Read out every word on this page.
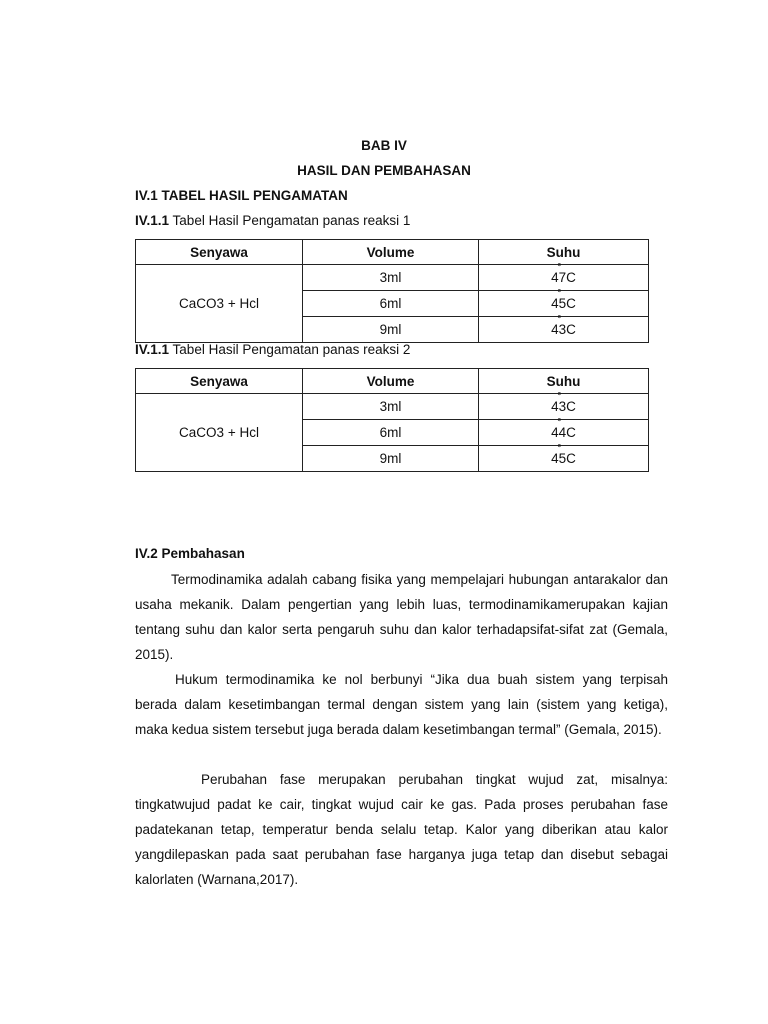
BAB IV
HASIL DAN PEMBAHASAN
IV.1 TABEL HASIL PENGAMATAN
IV.1.1 Tabel Hasil Pengamatan panas reaksi 1
Senyawa	Volume	Suhu
CaCO3 + Hcl	3ml	47C °
	6ml	45C °
	9ml	43C °
IV.1.1 Tabel Hasil Pengamatan panas reaksi 2
Senyawa	Volume	Suhu
CaCO3 + Hcl	3ml	43C °
	6ml	44C °
	9ml	45C °
IV.2 Pembahasan

Termodinamika adalah cabang fisika yang mempelajari hubungan antarakalor dan usaha mekanik. Dalam pengertian yang lebih luas, termodinamikamerupakan kajian tentang suhu dan kalor serta pengaruh suhu dan kalor terhadapsifat-sifat zat (Gemala, 2015).

Hukum termodinamika ke nol berbunyi “Jika dua buah sistem yang terpisah berada dalam kesetimbangan termal dengan sistem yang lain (sistem yang ketiga), maka kedua sistem tersebut juga berada dalam kesetimbangan termal” (Gemala, 2015).

Perubahan fase merupakan perubahan tingkat wujud zat, misalnya: tingkatwujud padat ke cair, tingkat wujud cair ke gas. Pada proses perubahan fase padatekanan tetap, temperatur benda selalu tetap. Kalor yang diberikan atau kalor yangdilepaskan pada saat perubahan fase harganya juga tetap dan disebut sebagai kalorlaten (Warnana,2017).
